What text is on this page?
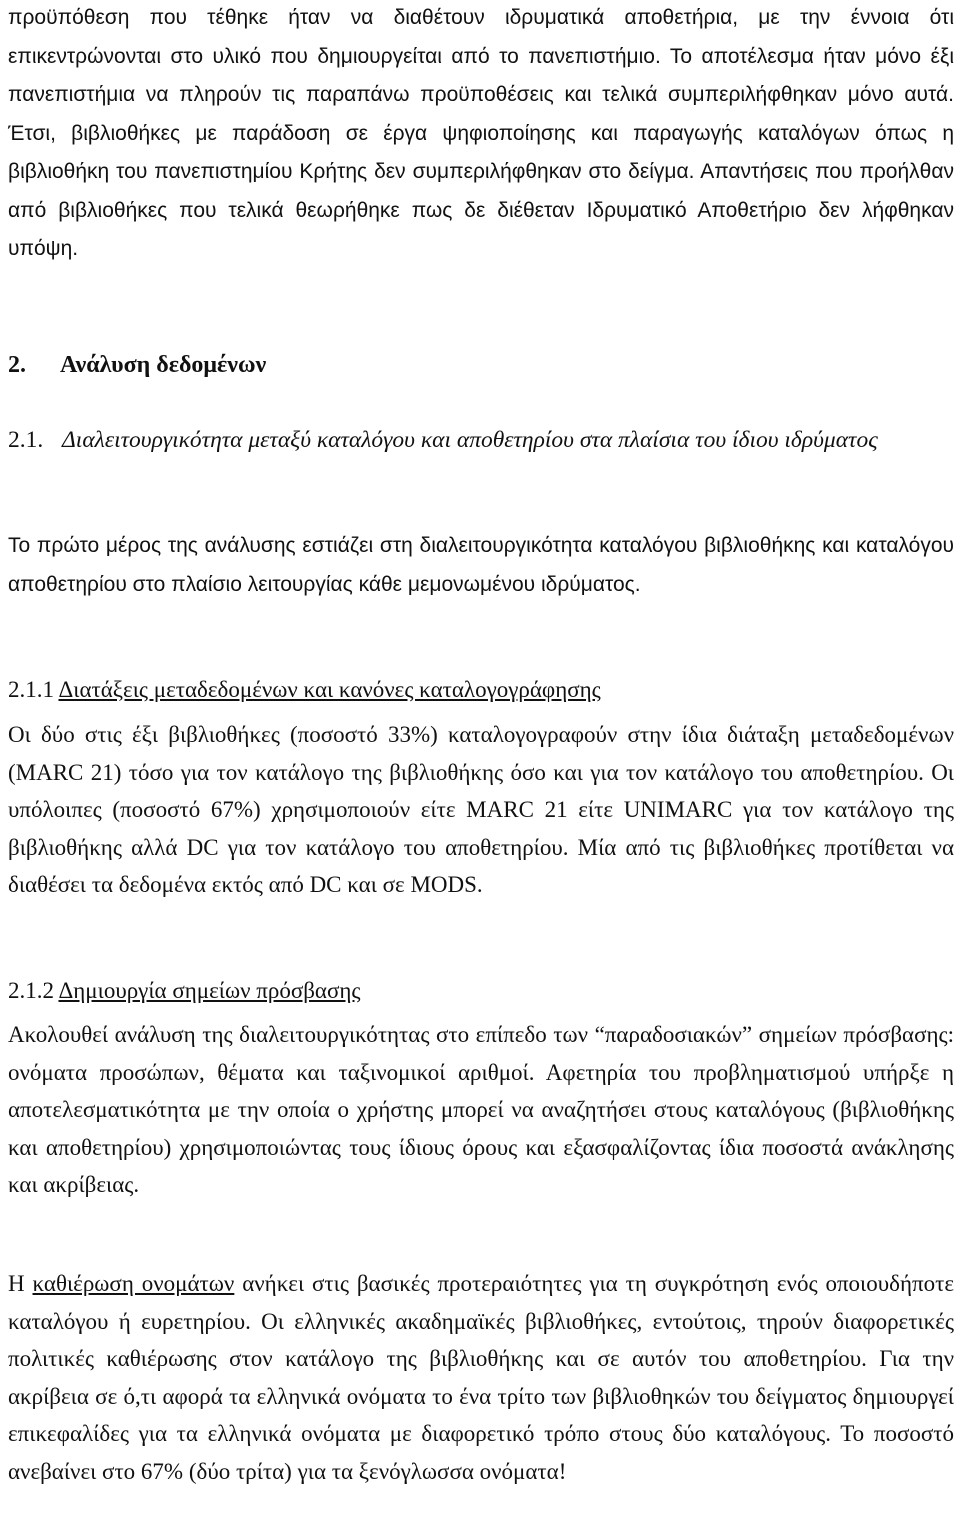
προϋπόθεση που τέθηκε ήταν να διαθέτουν ιδρυματικά αποθετήρια, με την έννοια ότι επικεντρώνονται στο υλικό που δημιουργείται από το πανεπιστήμιο. Το αποτέλεσμα ήταν μόνο έξι πανεπιστήμια να πληρούν τις παραπάνω προϋποθέσεις και τελικά συμπεριλήφθηκαν μόνο αυτά. Έτσι, βιβλιοθήκες με παράδοση σε έργα ψηφιοποίησης και παραγωγής καταλόγων όπως η βιβλιοθήκη του πανεπιστημίου Κρήτης δεν συμπεριλήφθηκαν στο δείγμα. Απαντήσεις που προήλθαν από βιβλιοθήκες που τελικά θεωρήθηκε πως δε διέθεταν Ιδρυματικό Αποθετήριο δεν λήφθηκαν υπόψη.

2. Ανάλυση δεδομένων

2.1. Διαλειτουργικότητα μεταξύ καταλόγου και αποθετηρίου στα πλαίσια του ίδιου ιδρύματος

Το πρώτο μέρος της ανάλυσης εστιάζει στη διαλειτουργικότητα καταλόγου βιβλιοθήκης και καταλόγου αποθετηρίου στο πλαίσιο λειτουργίας κάθε μεμονωμένου ιδρύματος.

2.1.1 Διατάξεις μεταδεδομένων και κανόνες καταλογογράφησης

Οι δύο στις έξι βιβλιοθήκες (ποσοστό 33%) καταλογογραφούν στην ίδια διάταξη μεταδεδομένων (MARC 21) τόσο για τον κατάλογο της βιβλιοθήκης όσο και για τον κατάλογο του αποθετηρίου. Οι υπόλοιπες (ποσοστό 67%) χρησιμοποιούν είτε MARC 21 είτε UNIMARC για τον κατάλογο της βιβλιοθήκης αλλά DC για τον κατάλογο του αποθετηρίου. Μία από τις βιβλιοθήκες προτίθεται να διαθέσει τα δεδομένα εκτός από DC και σε MODS.

2.1.2 Δημιουργία σημείων πρόσβασης

Ακολουθεί ανάλυση της διαλειτουργικότητας στο επίπεδο των “παραδοσιακών” σημείων πρόσβασης: ονόματα προσώπων, θέματα και ταξινομικοί αριθμοί. Αφετηρία του προβληματισμού υπήρξε η αποτελεσματικότητα με την οποία ο χρήστης μπορεί να αναζητήσει στους καταλόγους (βιβλιοθήκης και αποθετηρίου) χρησιμοποιώντας τους ίδιους όρους και εξασφαλίζοντας ίδια ποσοστά ανάκλησης και ακρίβειας.

Η καθιέρωση ονομάτων ανήκει στις βασικές προτεραιότητες για τη συγκρότηση ενός οποιουδήποτε καταλόγου ή ευρετηρίου. Οι ελληνικές ακαδημαϊκές βιβλιοθήκες, εντούτοις, τηρούν διαφορετικές πολιτικές καθιέρωσης στον κατάλογο της βιβλιοθήκης και σε αυτόν του αποθετηρίου. Για την ακρίβεια σε ό,τι αφορά τα ελληνικά ονόματα το ένα τρίτο των βιβλιοθηκών του δείγματος δημιουργεί επικεφαλίδες για τα ελληνικά ονόματα με διαφορετικό τρόπο στους δύο καταλόγους. Το ποσοστό ανεβαίνει στο 67% (δύο τρίτα) για τα ξενόγλωσσα ονόματα!
